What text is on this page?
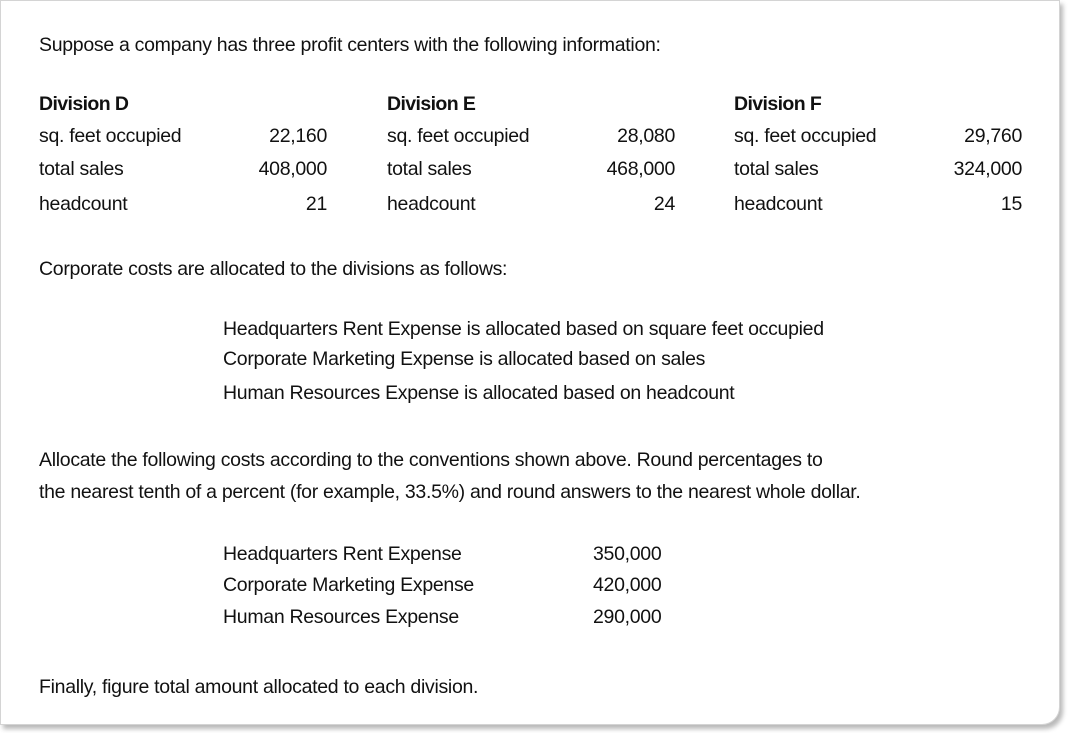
Suppose a company has three profit centers with the following information:
Division D
sq. feet occupied	22,160
total sales	408,000
headcount	21
Division E
sq. feet occupied	28,080
total sales	468,000
headcount	24
Division F
sq. feet occupied	29,760
total sales	324,000
headcount	15
Corporate costs are allocated to the divisions as follows:
Headquarters Rent Expense is allocated based on square feet occupied
Corporate Marketing Expense is allocated based on sales
Human Resources Expense is allocated based on headcount
Allocate the following costs according to the conventions shown above. Round percentages to
the nearest tenth of a percent (for example, 33.5%) and round answers to the nearest whole dollar.
Headquarters Rent Expense	350,000
Corporate Marketing Expense	420,000
Human Resources Expense	290,000
Finally, figure total amount allocated to each division.
